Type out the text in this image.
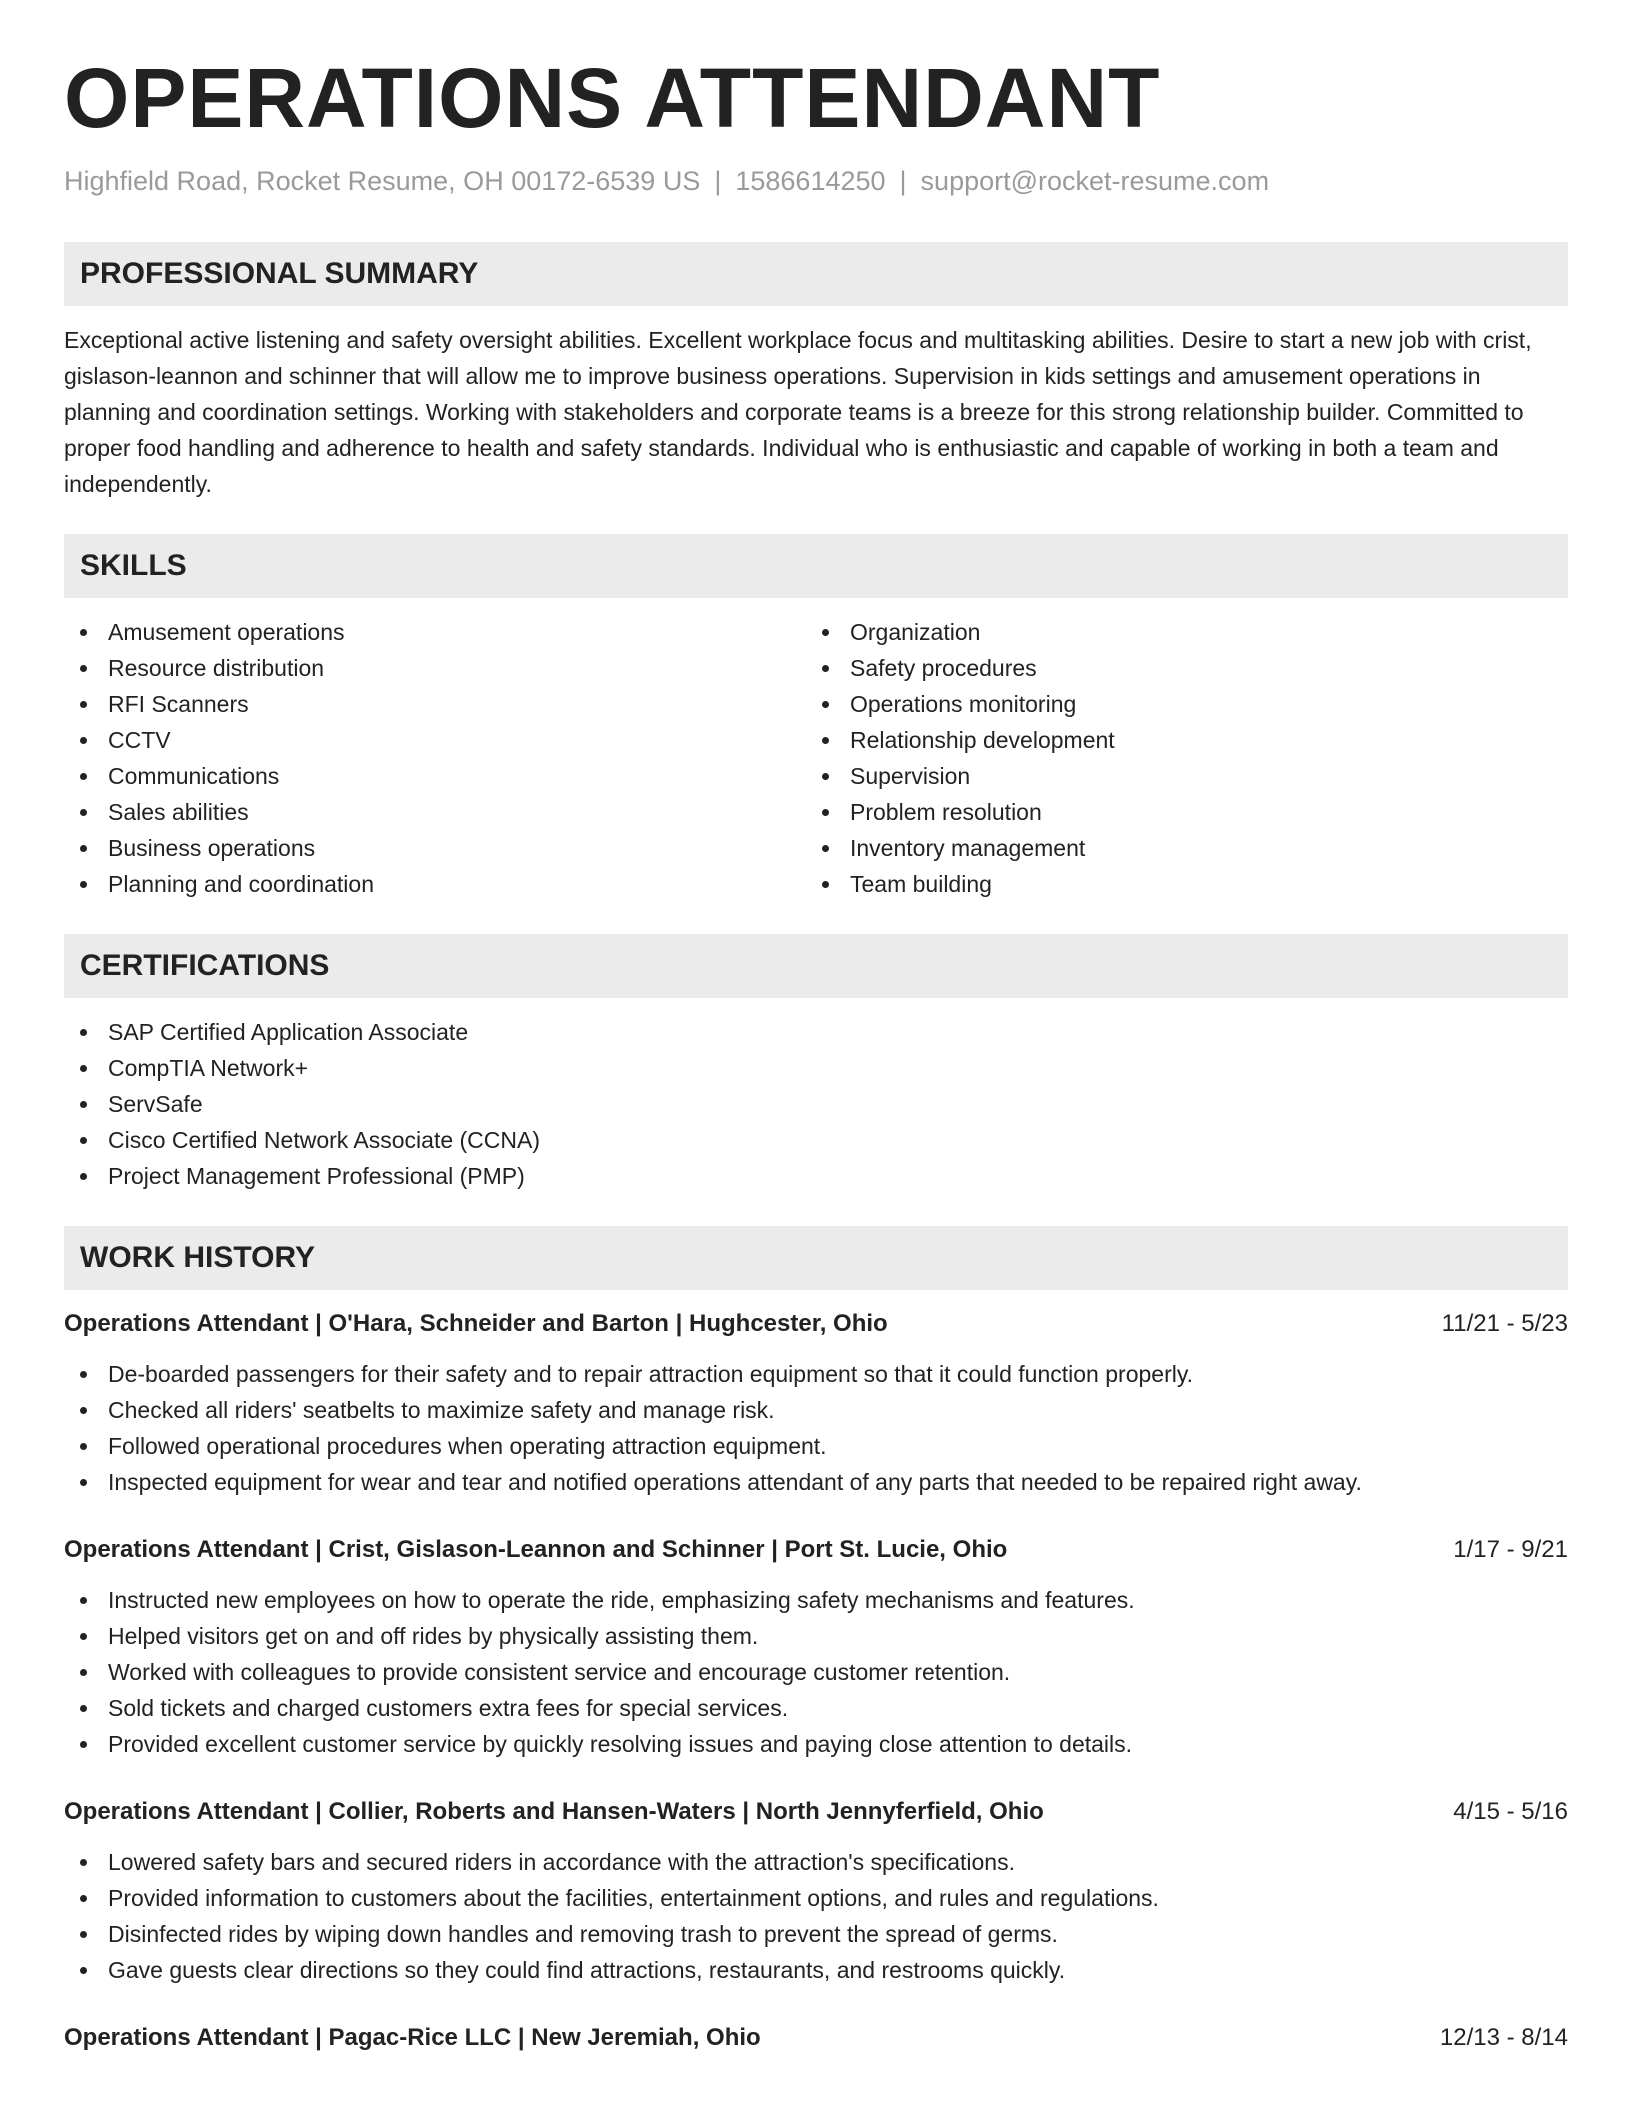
OPERATIONS ATTENDANT
Highfield Road, Rocket Resume, OH 00172-6539 US | 1586614250 | support@rocket-resume.com
PROFESSIONAL SUMMARY

Exceptional active listening and safety oversight abilities. Excellent workplace focus and multitasking abilities. Desire to start a new job with crist, gislason-leannon and schinner that will allow me to improve business operations. Supervision in kids settings and amusement operations in planning and coordination settings. Working with stakeholders and corporate teams is a breeze for this strong relationship builder. Committed to proper food handling and adherence to health and safety standards. Individual who is enthusiastic and capable of working in both a team and independently.

SKILLS
Amusement operations
Resource distribution
RFI Scanners
CCTV
Communications
Sales abilities
Business operations
Planning and coordination
Organization
Safety procedures
Operations monitoring
Relationship development
Supervision
Problem resolution
Inventory management
Team building
CERTIFICATIONS
SAP Certified Application Associate
CompTIA Network+
ServSafe
Cisco Certified Network Associate (CCNA)
Project Management Professional (PMP)
WORK HISTORY
Operations Attendant | O'Hara, Schneider and Barton | Hughcester, Ohio	11/21 - 5/23
De-boarded passengers for their safety and to repair attraction equipment so that it could function properly.
Checked all riders' seatbelts to maximize safety and manage risk.
Followed operational procedures when operating attraction equipment.
Inspected equipment for wear and tear and notified operations attendant of any parts that needed to be repaired right away.
Operations Attendant | Crist, Gislason-Leannon and Schinner | Port St. Lucie, Ohio	1/17 - 9/21
Instructed new employees on how to operate the ride, emphasizing safety mechanisms and features.
Helped visitors get on and off rides by physically assisting them.
Worked with colleagues to provide consistent service and encourage customer retention.
Sold tickets and charged customers extra fees for special services.
Provided excellent customer service by quickly resolving issues and paying close attention to details.
Operations Attendant | Collier, Roberts and Hansen-Waters | North Jennyferfield, Ohio	4/15 - 5/16
Lowered safety bars and secured riders in accordance with the attraction's specifications.
Provided information to customers about the facilities, entertainment options, and rules and regulations.
Disinfected rides by wiping down handles and removing trash to prevent the spread of germs.
Gave guests clear directions so they could find attractions, restaurants, and restrooms quickly.
Operations Attendant | Pagac-Rice LLC | New Jeremiah, Ohio	12/13 - 8/14
